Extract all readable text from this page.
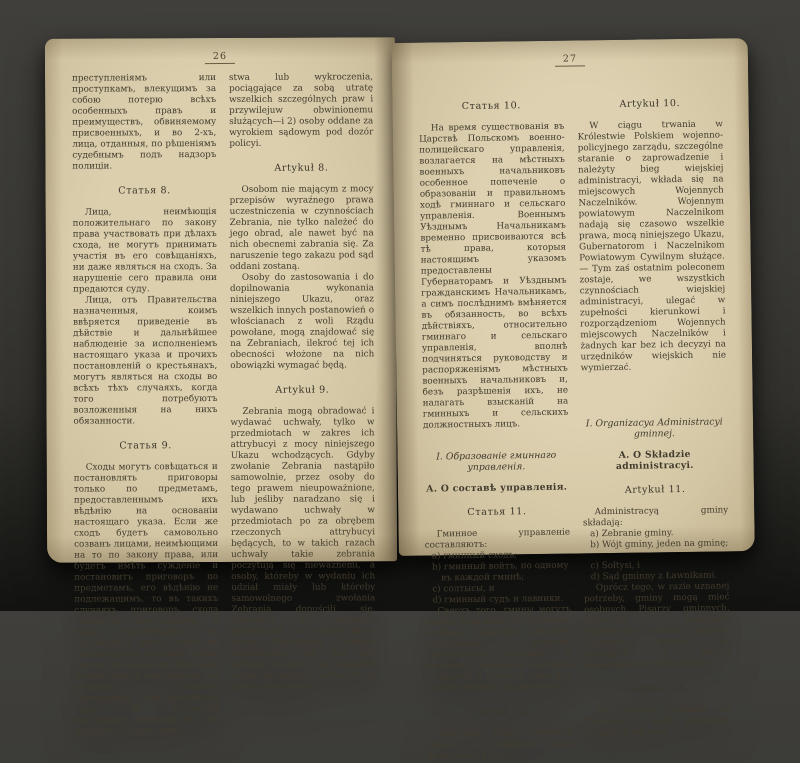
26
преступленіямъ или проступкамъ, влекущимъ за собою потерю всѣхъ особенныхъ правъ и преимуществъ, обвиняемому присвоенныхъ, и во 2-хъ, лица, отданныя, по рѣшеніямъ судебнымъ подъ надзоръ полиціи.
Статья 8.
Лица, неимѣющія положительнаго по закону права участвовать при дѣлахъ схода, не могутъ принимать участія въ его совѣщаніяхъ, ни даже являться на сходъ. За нарушеніе сего правила они предаются суду.
Лица, отъ Правительства назначенныя, коимъ ввѣряется приведеніе въ дѣйствіе и дальнѣйшее наблюденіе за исполненіемъ настоящаго указа и прочихъ постановленій о крестьянахъ, могутъ являться на сходы во всѣхъ тѣхъ случаяхъ, когда того потребуютъ возложенныя на нихъ обязанности.
Статья 9.
Сходы могутъ совѣщаться и постановлять приговоры только по предметамъ, предоставленнымъ ихъ вѣдѣнію на основаніи настоящаго указа. Если же сходъ будетъ самовольно созванъ лицами, неимѣющими на то по закону права, или будетъ имѣть сужденіе и постановитъ приговоръ по предметамъ, его вѣдѣнію не подлежащимъ, то въ такихъ случаяхъ приговоръ схода считается ничтожнымъ, а лица, участвовавшія въ составленіи онаго, либо въ самовольномъ созваніи схода, смотря по важности дѣла: или подвергаются наказаніямъ по рѣшенію Уѣзднаго Начальника, или предаются суду, на основаніи инструкцій, которыя на сей предметъ будутъ даны.
stwa lub wykroczenia, pociągające za sobą utratę wszelkich szczególnych praw i przywilejuw obwinionemu służących—i 2) osoby oddane za wyrokiem sądowym pod dozór policyi.
Artykuł 8.
Osobom nie mającym z mocy przepisów wyraźnego prawa uczestniczenia w czynnościach Zebrania, nie tylko należeć do jego obrad, ale nawet być na nich obecnemi zabrania się. Za naruszenie tego zakazu pod sąd oddani zostaną.
Osoby do zastosowania i do dopilnowania wykonania niniejszego Ukazu, oraz wszelkich innych postanowień o włościanach z woli Rządu powołane, mogą znajdować się na Zebraniach, ilekroć tej ich obecności włożone na nich obowiązki wymagać będą.
Artykuł 9.
Zebrania mogą obradować i wydawać uchwały, tylko w przedmiotach w zakres ich attrybucyi z mocy niniejszego Ukazu wchodzących. Gdyby zwołanie Zebrania nastąpiło samowolnie, przez osoby do tego prawem nieupoważnione, lub jeśliby naradzano się i wydawano uchwały w przedmiotach po za obrębem rzeczonych attrybucyi będących, to w takich razach uchwały takie zebrania poczytują się nieważnemi, a osoby, któreby w wydaniu ich udział miały lub któreby samowolnego zwołania Zebrania dopuścili się, stosownie do ważności przedmiotu: lub ulegną karze przez Naczelnika Powiatu wymierzonej, lub pod sąd oddane zostaną, na zasadzie wydać się mającej osobnej w tej mierze instrukcyi.
27
Статья 10.
На время существованія въ Царствѣ Польскомъ военно-полицейскаго управленія, возлагается на мѣстныхъ военныхъ начальниковъ особенное попеченіе о образованіи и правильномъ ходѣ гминнаго и сельскаго управленія. Военнымъ Уѣзднымъ Начальникамъ временно присвоиваются всѣ тѣ права, которыя настоящимъ указомъ предоставлены Губернаторамъ и Уѣзднымъ гражданскимъ Начальникамъ, а симъ послѣднимъ вмѣняется въ обязанность, во всѣхъ дѣйствіяхъ, относительно гминнаго и сельскаго управленія, вполнѣ подчиняться руководству и распоряженіямъ мѣстныхъ военныхъ начальниковъ и, безъ разрѣшенія ихъ, не налагать взысканій на гминныхъ и сельскихъ должностныхъ лицъ.
I. Образованіе гминнаго управленія.
А. О составѣ управленія.
Статья 11.
Гминное управленіе составляютъ:
а) гминный сходъ;
b) гминный войтъ, по одному въ каждой гминѣ;
с) солтысы, и
d) гминный судъ и лавники.
Сверхъ того, гмины могутъ имѣть, буде найдутъ нужнымъ, особыхъ гминныхъ писарей, сборщиковъ податей, смотрителей училищъ и больницъ, лѣсныхъ и полевыхъ сторожей и другихъ лицъ для хозяйственныхъ должностей.
Статья 12.
Мѣстомъ сбора гминнаго схода и гминнаго суда назначается селе-
Artykuł 10.
W ciągu trwania w Królestwie Polskiem wojenno-policyjnego zarządu, szczególne staranie o zaprowadzenie i należyty bieg wiejskiej administracyi, wkłada się na miejscowych Wojennych Naczelników. Wojennym powiatowym Naczelnikom nadają się czasowo wszelkie prawa, mocą niniejszego Ukazu, Gubernatorom i Naczelnikom Powiatowym Cywilnym służące. — Tym zaś ostatnim poleconem zostaje, we wszystkich czynnościach wiejskiej administracyi, ulegać w zupełności kierunkowi i rozporządzeniom Wojennych miejscowych Naczelników i żadnych kar bez ich decyzyi na urzędników wiejskich nie wymierzać.
I. Organizacya Administracyi gminnej.
A. O Składzie administracyi.
Artykuł 11.
Administracyą gminy składają:
a) Zebranie gminy.
b) Wójt gminy, jeden na gminę;
c) Sołtysi, i
d) Sąd gminny z Ławnikami.
Oprócz tego, w razie uznanej potrzeby, gminy mogą mieć osobnych Pisarzy gminnych, Poborców podatków, Inspektorów szkółek i szpitali, Gajowych, stróżów pól gminnych i innych ekonomicznych oficyalistów.
Artykuł 12.
Na miejsce zbierania się Zebrania i Sądu gminnego, wyznacza się wieś
